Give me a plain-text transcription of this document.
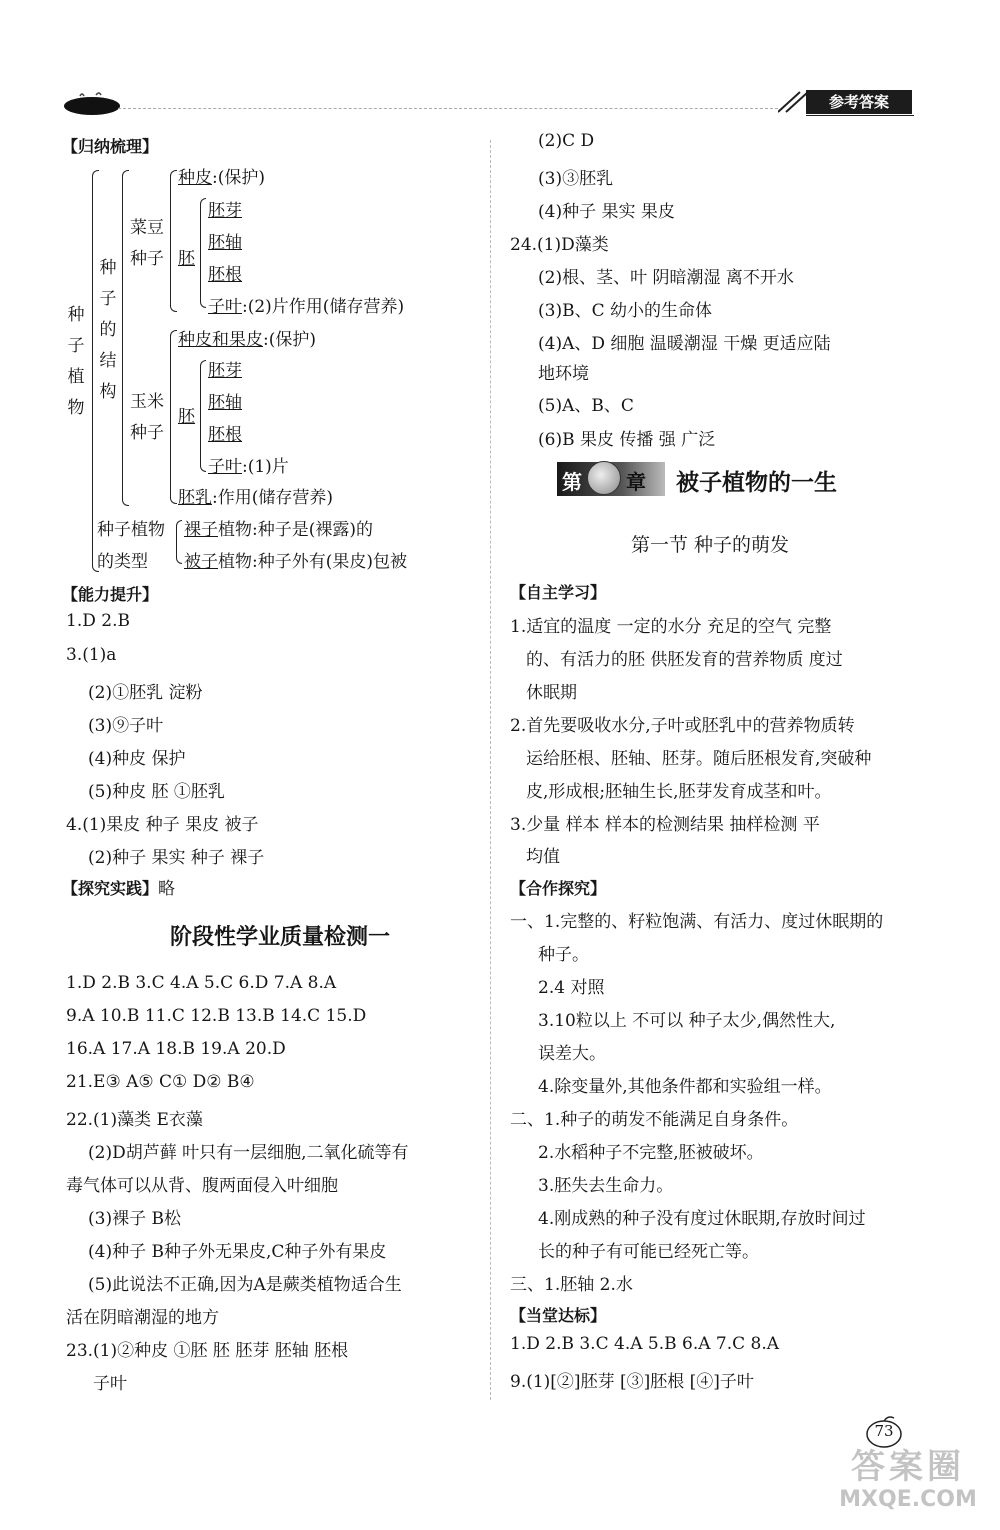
参考答案
【归纳梳理】
种子植物
种子的结构
菜豆种子
种皮:(保护)
胚
胚芽
胚轴
胚根
子叶:(2)片作用(储存营养)
玉米种子
种皮和果皮:(保护)
胚
胚芽
胚轴
胚根
子叶:(1)片
胚乳:作用(储存营养)
种子植物的类型
裸子植物:种子是(裸露)的
被子植物:种子外有(果皮)包被
【能力提升】
1.D 2.B
3.(1)a
(2)①胚乳 淀粉
(3)⑨子叶
(4)种皮 保护
(5)种皮 胚 ①胚乳
4.(1)果皮 种子 果皮 被子
(2)种子 果实 种子 裸子
【探究实践】略
阶段性学业质量检测一
1.D 2.B 3.C 4.A 5.C 6.D 7.A 8.A
9.A 10.B 11.C 12.B 13.B 14.C 15.D
16.A 17.A 18.B 19.A 20.D
21.E③ A⑤ C① D② B④
22.(1)藻类 E衣藻
(2)D胡芦藓 叶只有一层细胞,二氧化硫等有
毒气体可以从背、腹两面侵入叶细胞
(3)裸子 B松
(4)种子 B种子外无果皮,C种子外有果皮
(5)此说法不正确,因为A是蕨类植物适合生
活在阴暗潮湿的地方
23.(1)②种皮 ①胚 胚 胚芽 胚轴 胚根
子叶
(2)C D
(3)③胚乳
(4)种子 果实 果皮
24.(1)D藻类
(2)根、茎、叶 阴暗潮湿 离不开水
(3)B、C 幼小的生命体
(4)A、D 细胞 温暖潮湿 干燥 更适应陆
地环境
(5)A、B、C
(6)B 果皮 传播 强 广泛
第 章 被子植物的一生
第一节 种子的萌发
【自主学习】
1.适宜的温度 一定的水分 充足的空气 完整
的、有活力的胚 供胚发育的营养物质 度过
休眠期
2.首先要吸收水分,子叶或胚乳中的营养物质转
运给胚根、胚轴、胚芽。随后胚根发育,突破种
皮,形成根;胚轴生长,胚芽发育成茎和叶。
3.少量 样本 样本的检测结果 抽样检测 平
均值
【合作探究】
一、1.完整的、籽粒饱满、有活力、度过休眠期的
种子。
2.4 对照
3.10粒以上 不可以 种子太少,偶然性大,
误差大。
4.除变量外,其他条件都和实验组一样。
二、1.种子的萌发不能满足自身条件。
2.水稻种子不完整,胚被破坏。
3.胚失去生命力。
4.刚成熟的种子没有度过休眠期,存放时间过
长的种子有可能已经死亡等。
三、1.胚轴 2.水
【当堂达标】
1.D 2.B 3.C 4.A 5.B 6.A 7.C 8.A
9.(1)[②]胚芽 [③]胚根 [④]子叶
73
答案圈
MXQE.COM
